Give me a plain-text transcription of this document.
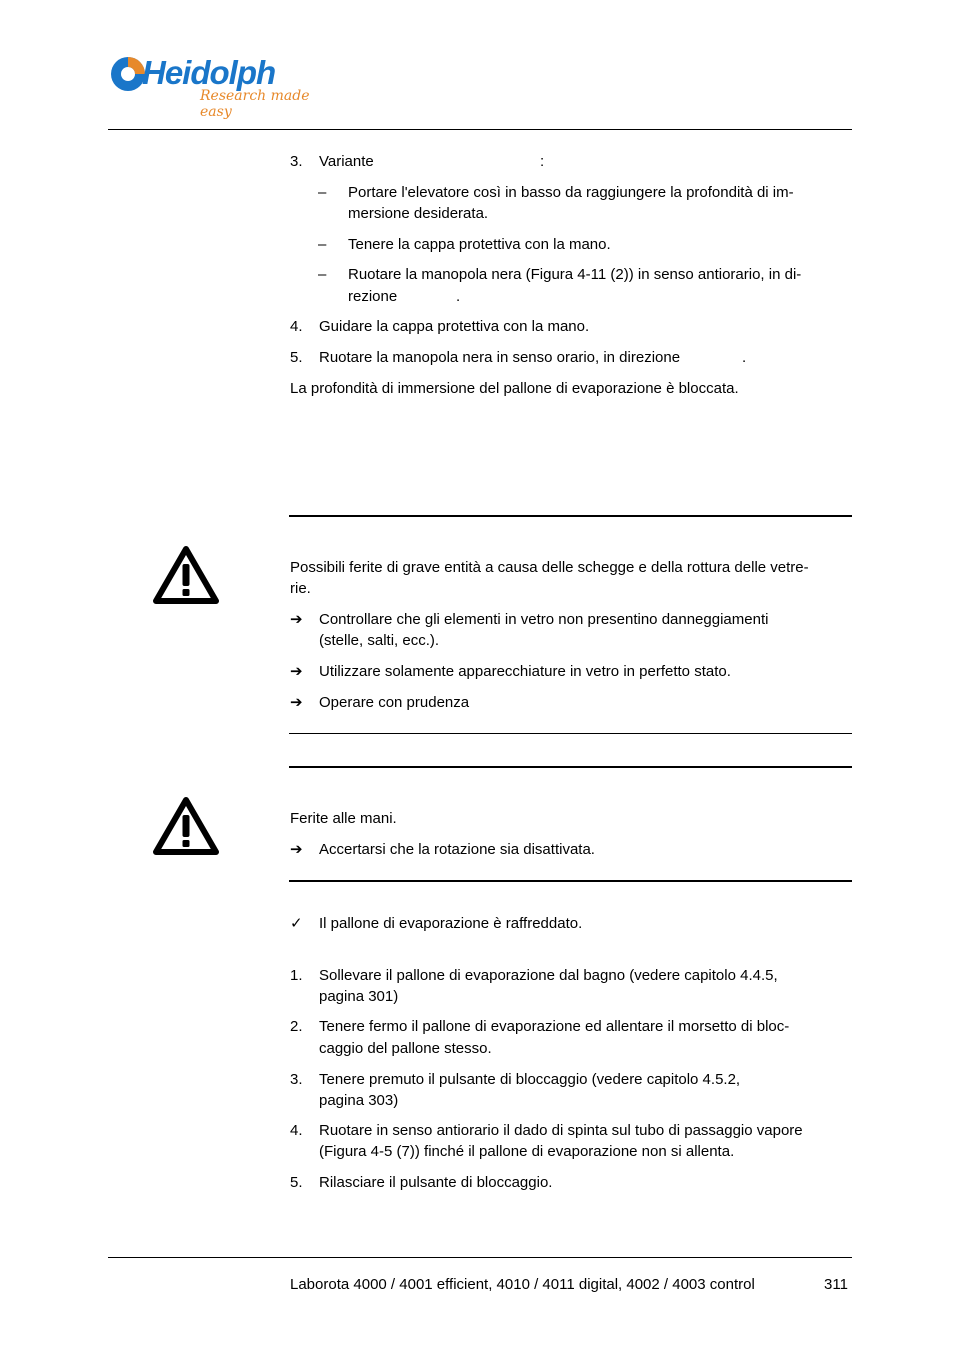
Heidolph
Research made easy
3. Variante	:
– Portare l'elevatore così in basso da raggiungere la profondità di im-
mersione desiderata.
– Tenere la cappa protettiva con la mano.
– Ruotare la manopola nera (Figura 4-11 (2)) in senso antiorario, in di-
rezione	.
4. Guidare la cappa protettiva con la mano.
5. Ruotare la manopola nera in senso orario, in direzione	.
La profondità di immersione del pallone di evaporazione è bloccata.
Possibili ferite di grave entità a causa delle schegge e della rottura delle vetre-
rie.
➔ Controllare che gli elementi in vetro non presentino danneggiamenti
(stelle, salti, ecc.).
➔ Utilizzare solamente apparecchiature in vetro in perfetto stato.
➔ Operare con prudenza
Ferite alle mani.
➔ Accertarsi che la rotazione sia disattivata.
✓ Il pallone di evaporazione è raffreddato.
1. Sollevare il pallone di evaporazione dal bagno (vedere capitolo 4.4.5,
pagina 301)
2. Tenere fermo il pallone di evaporazione ed allentare il morsetto di bloc-
caggio del pallone stesso.
3. Tenere premuto il pulsante di bloccaggio (vedere capitolo 4.5.2,
pagina 303)
4. Ruotare in senso antiorario il dado di spinta sul tubo di passaggio vapore
(Figura 4-5 (7)) finché il pallone di evaporazione non si allenta.
5. Rilasciare il pulsante di bloccaggio.
Laborota 4000 / 4001 efficient, 4010 / 4011 digital, 4002 / 4003 control	311
